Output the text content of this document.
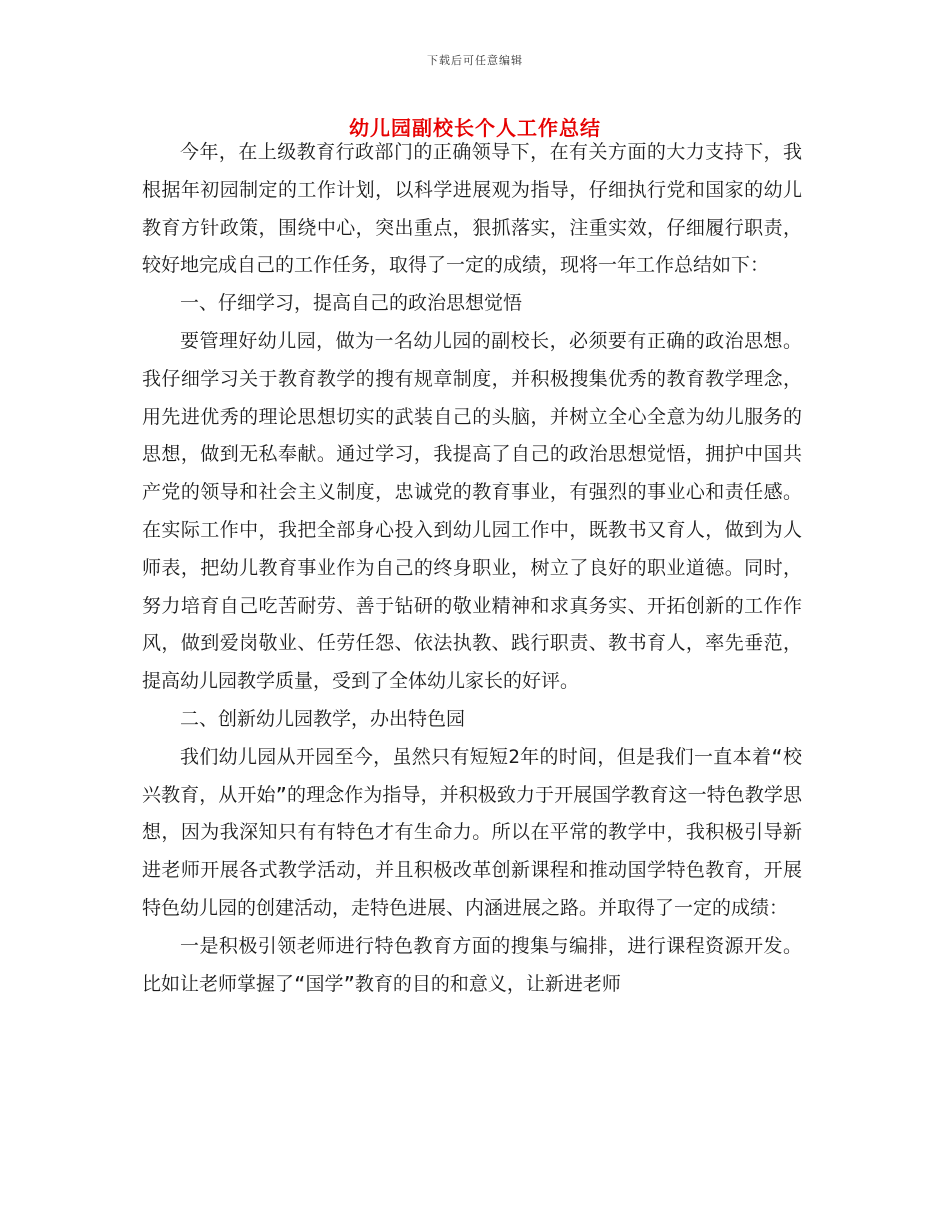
下载后可任意编辑
幼儿园副校长个人工作总结

今年，在上级教育行政部门的正确领导下，在有关方面的大力支持下，我根据年初园制定的工作计划，以科学进展观为指导，仔细执行党和国家的幼儿教育方针政策，围绕中心，突出重点，狠抓落实，注重实效，仔细履行职责，较好地完成自己的工作任务，取得了一定的成绩，现将一年工作总结如下：

一、仔细学习，提高自己的政治思想觉悟

要管理好幼儿园，做为一名幼儿园的副校长，必须要有正确的政治思想。我仔细学习关于教育教学的搜有规章制度，并积极搜集优秀的教育教学理念，用先进优秀的理论思想切实的武装自己的头脑，并树立全心全意为幼儿服务的思想，做到无私奉献。通过学习，我提高了自己的政治思想觉悟，拥护中国共产党的领导和社会主义制度，忠诚党的教育事业，有强烈的事业心和责任感。在实际工作中，我把全部身心投入到幼儿园工作中，既教书又育人，做到为人师表，把幼儿教育事业作为自己的终身职业，树立了良好的职业道德。同时，努力培育自己吃苦耐劳、善于钻研的敬业精神和求真务实、开拓创新的工作作风，做到爱岗敬业、任劳任怨、依法执教、践行职责、教书育人，率先垂范，提高幼儿园教学质量，受到了全体幼儿家长的好评。

二、创新幼儿园教学，办出特色园

我们幼儿园从开园至今，虽然只有短短2年的时间，但是我们一直本着“校兴教育，从开始”的理念作为指导，并积极致力于开展国学教育这一特色教学思想，因为我深知只有有特色才有生命力。所以在平常的教学中，我积极引导新进老师开展各式教学活动，并且积极改革创新课程和推动国学特色教育，开展特色幼儿园的创建活动，走特色进展、内涵进展之路。并取得了一定的成绩：

一是积极引领老师进行特色教育方面的搜集与编排，进行课程资源开发。比如让老师掌握了“国学”教育的目的和意义，让新进老师
